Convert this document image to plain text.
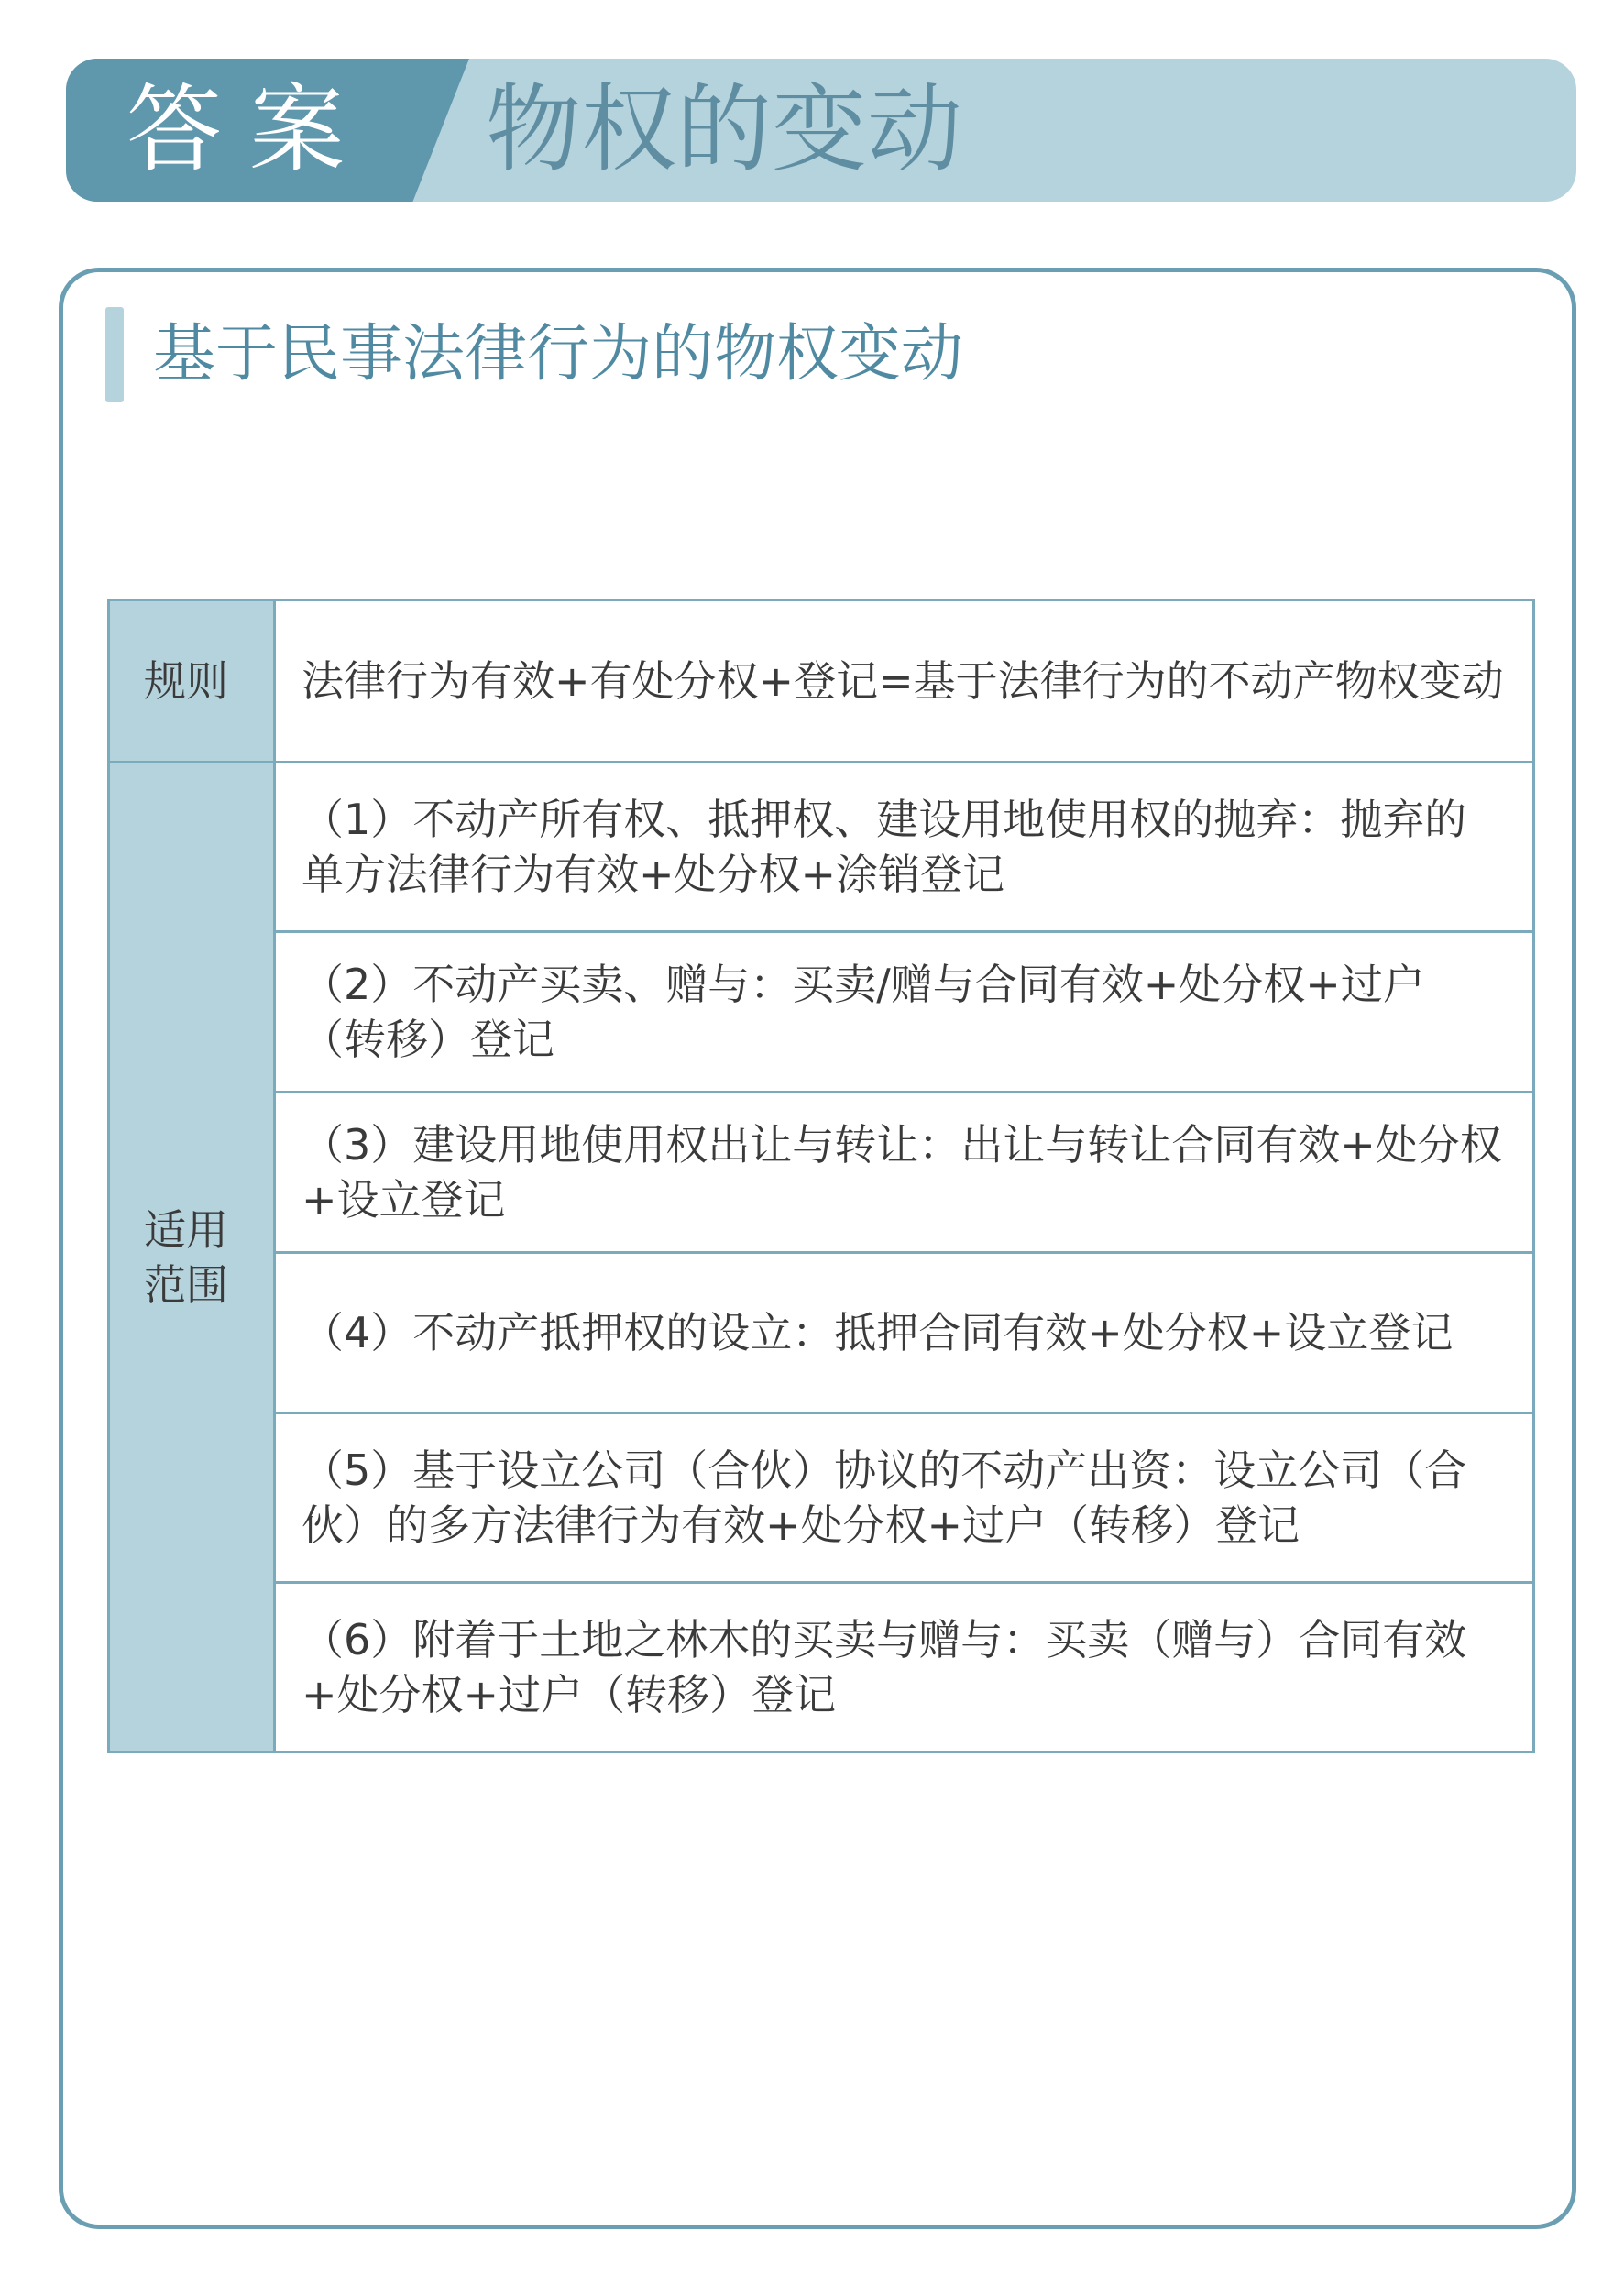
答案 物权的变动
基于民事法律行为的物权变动
规则	法律行为有效+有处分权+登记=基于法律行为的不动产物权变动
适用范围	（1）不动产所有权、抵押权、建设用地使用权的抛弃：抛弃的单方法律行为有效+处分权+涂销登记
	（2）不动产买卖、赠与：买卖/赠与合同有效+处分权+过户（转移）登记
	（3）建设用地使用权出让与转让：出让与转让合同有效+处分权+设立登记
	（4）不动产抵押权的设立：抵押合同有效+处分权+设立登记
	（5）基于设立公司（合伙）协议的不动产出资：设立公司（合伙）的多方法律行为有效+处分权+过户（转移）登记
	（6）附着于土地之林木的买卖与赠与：买卖（赠与）合同有效+处分权+过户（转移）登记
